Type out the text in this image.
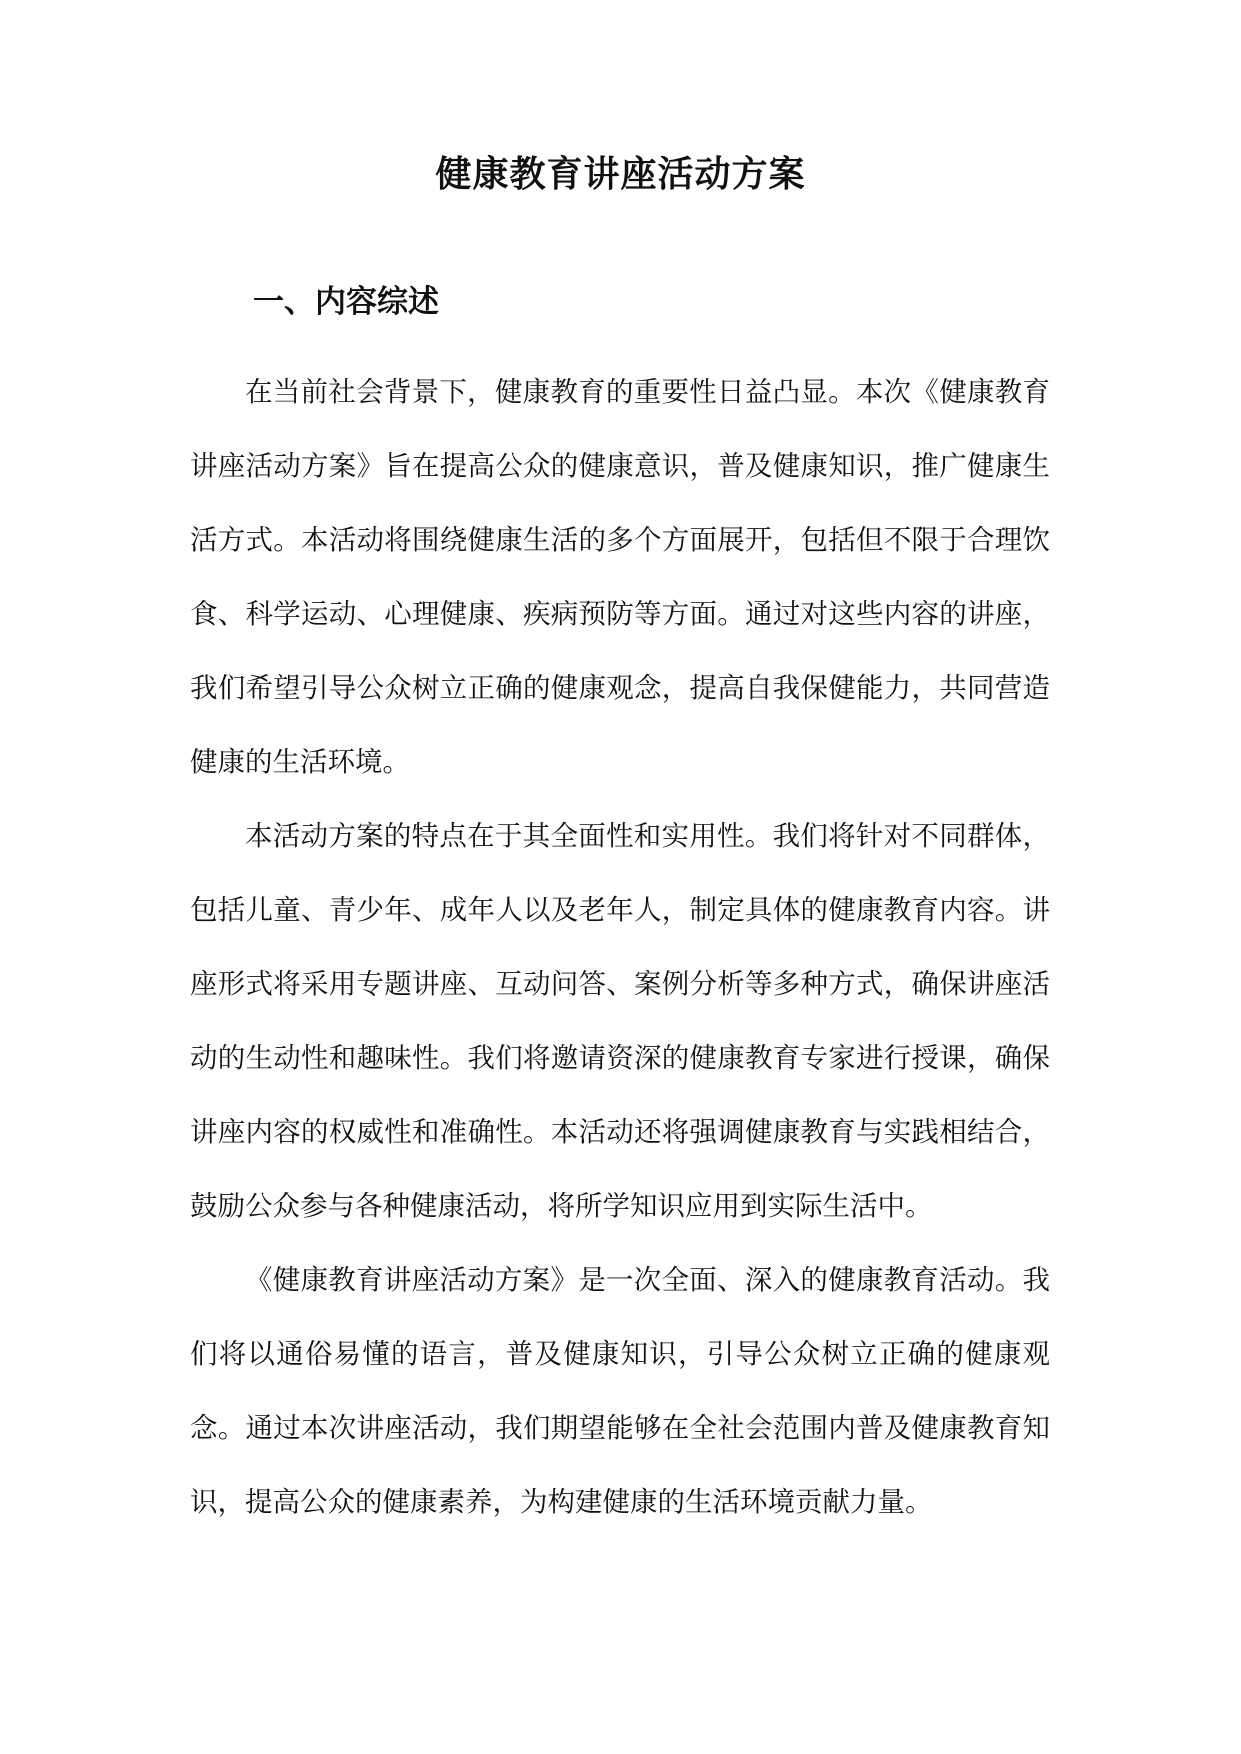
健康教育讲座活动方案
一、内容综述

在当前社会背景下，健康教育的重要性日益凸显。本次《健康教育讲座活动方案》旨在提高公众的健康意识，普及健康知识，推广健康生活方式。本活动将围绕健康生活的多个方面展开，包括但不限于合理饮食、科学运动、心理健康、疾病预防等方面。通过对这些内容的讲座，我们希望引导公众树立正确的健康观念，提高自我保健能力，共同营造健康的生活环境。

本活动方案的特点在于其全面性和实用性。我们将针对不同群体，包括儿童、青少年、成年人以及老年人，制定具体的健康教育内容。讲座形式将采用专题讲座、互动问答、案例分析等多种方式，确保讲座活动的生动性和趣味性。我们将邀请资深的健康教育专家进行授课，确保讲座内容的权威性和准确性。本活动还将强调健康教育与实践相结合，鼓励公众参与各种健康活动，将所学知识应用到实际生活中。

《健康教育讲座活动方案》是一次全面、深入的健康教育活动。我们将以通俗易懂的语言，普及健康知识，引导公众树立正确的健康观念。通过本次讲座活动，我们期望能够在全社会范围内普及健康教育知识，提高公众的健康素养，为构建健康的生活环境贡献力量。
